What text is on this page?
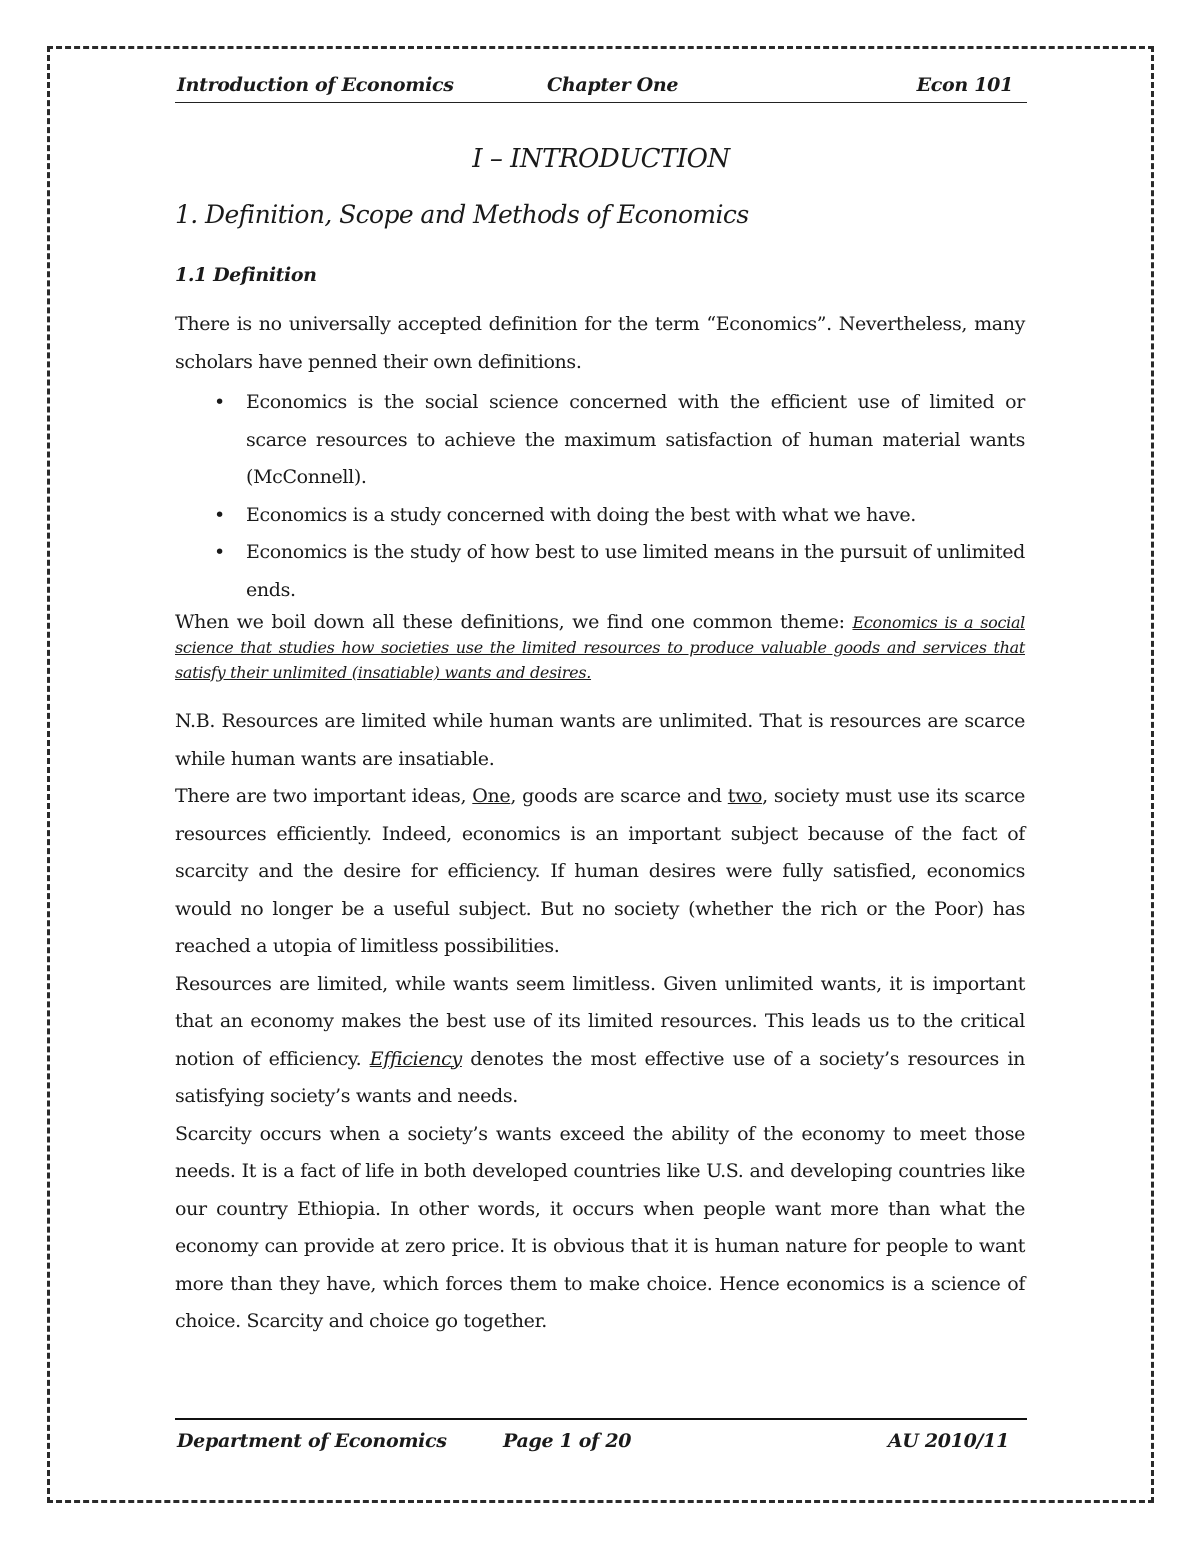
Introduction of Economics	Chapter One	Econ 101
I – INTRODUCTION
1. Definition, Scope and Methods of Economics
1.1 Definition

There is no universally accepted definition for the term “Economics”. Nevertheless, many scholars have penned their own definitions.

• Economics is the social science concerned with the efficient use of limited or scarce resources to achieve the maximum satisfaction of human material wants (McConnell).
• Economics is a study concerned with doing the best with what we have.
• Economics is the study of how best to use limited means in the pursuit of unlimited ends.

When we boil down all these definitions, we find one common theme: Economics is a social science that studies how societies use the limited resources to produce valuable goods and services that satisfy their unlimited (insatiable) wants and desires.

N.B. Resources are limited while human wants are unlimited. That is resources are scarce while human wants are insatiable.

There are two important ideas, One, goods are scarce and two, society must use its scarce resources efficiently. Indeed, economics is an important subject because of the fact of scarcity and the desire for efficiency. If human desires were fully satisfied, economics would no longer be a useful subject. But no society (whether the rich or the Poor) has reached a utopia of limitless possibilities.

Resources are limited, while wants seem limitless. Given unlimited wants, it is important that an economy makes the best use of its limited resources. This leads us to the critical notion of efficiency. Efficiency denotes the most effective use of a society’s resources in satisfying society’s wants and needs.

Scarcity occurs when a society’s wants exceed the ability of the economy to meet those needs. It is a fact of life in both developed countries like U.S. and developing countries like our country Ethiopia. In other words, it occurs when people want more than what the economy can provide at zero price. It is obvious that it is human nature for people to want more than they have, which forces them to make choice. Hence economics is a science of choice. Scarcity and choice go together.

Department of Economics	Page 1 of 20	AU 2010/11
